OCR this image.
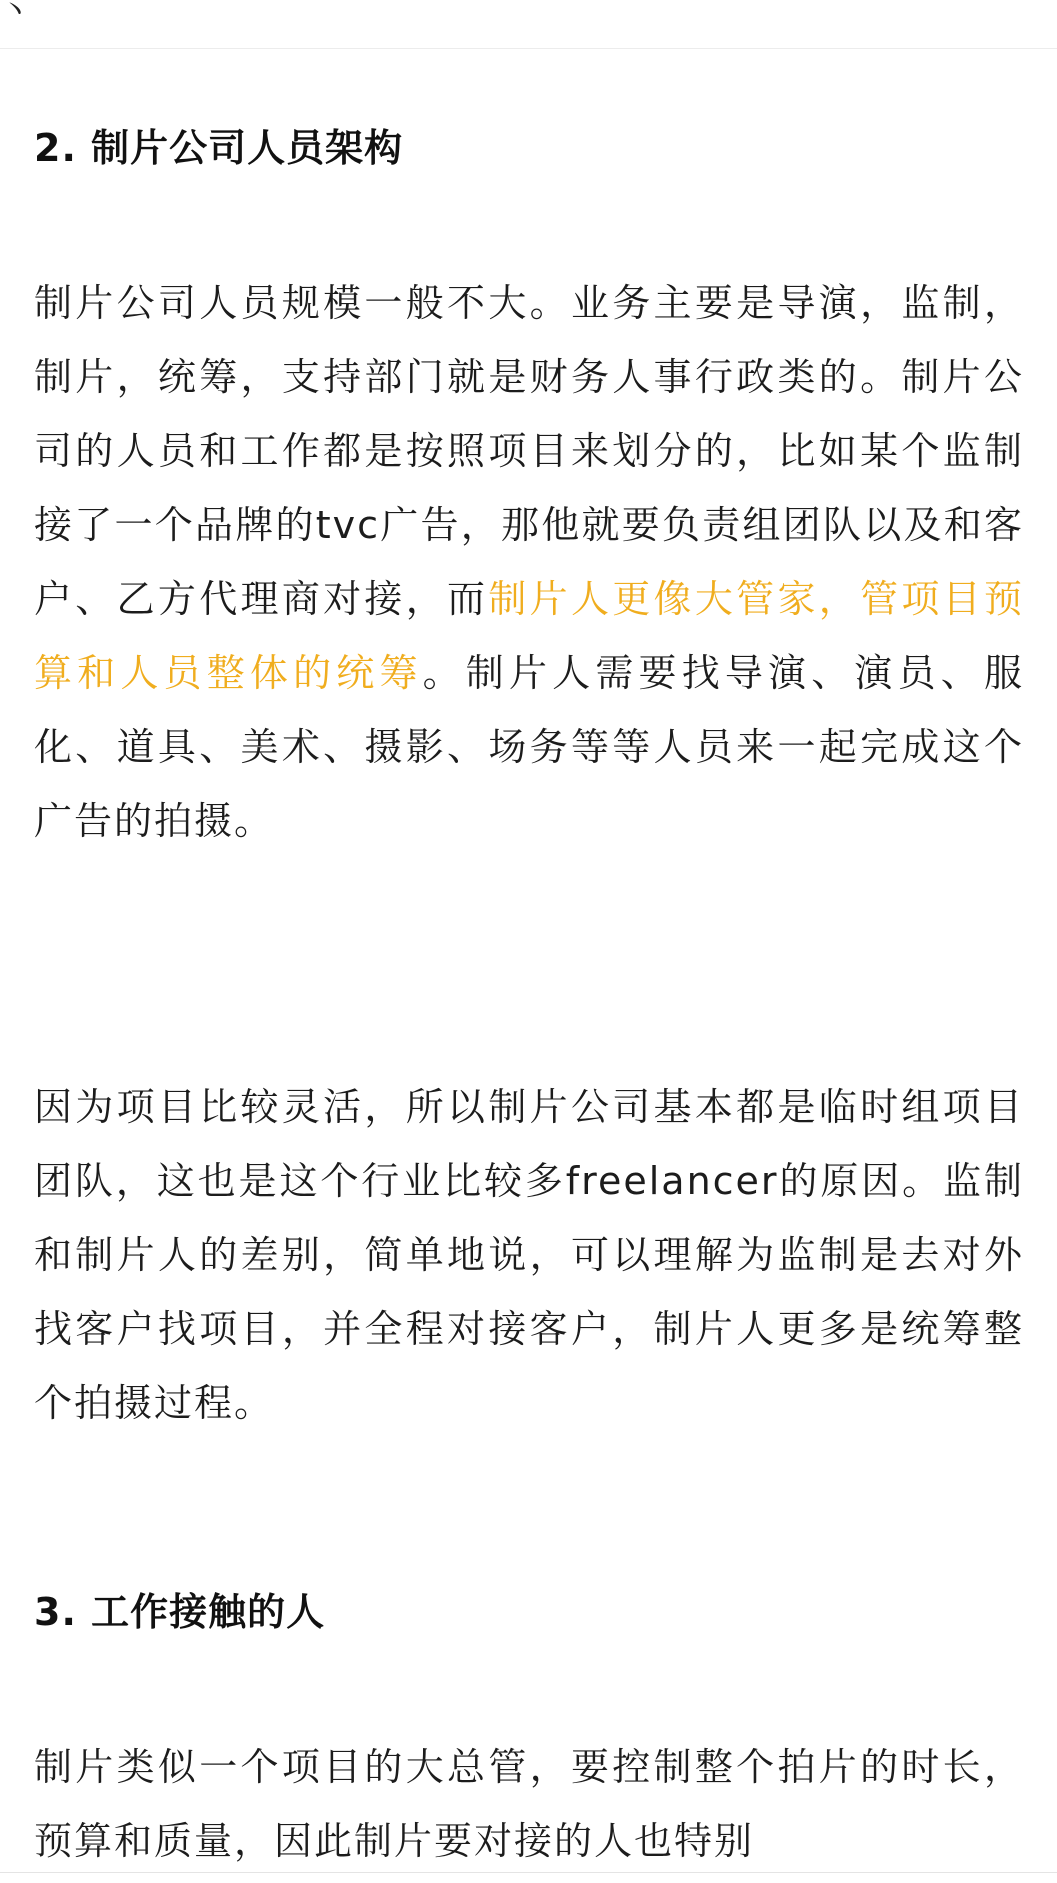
丶
2. 制片公司人员架构

制片公司人员规模一般不大。业务主要是导演，监制，制片，统筹，支持部门就是财务人事行政类的。制片公司的人员和工作都是按照项目来划分的，比如某个监制接了一个品牌的tvc广告，那他就要负责组团队以及和客户、乙方代理商对接，而制片人更像大管家，管项目预算和人员整体的统筹。制片人需要找导演、演员、服化、道具、美术、摄影、场务等等人员来一起完成这个广告的拍摄。

因为项目比较灵活，所以制片公司基本都是临时组项目团队，这也是这个行业比较多freelancer的原因。监制和制片人的差别，简单地说，可以理解为监制是去对外找客户找项目，并全程对接客户，制片人更多是统筹整个拍摄过程。

3. 工作接触的人

制片类似一个项目的大总管，要控制整个拍片的时长，预算和质量，因此制片要对接的人也特别
